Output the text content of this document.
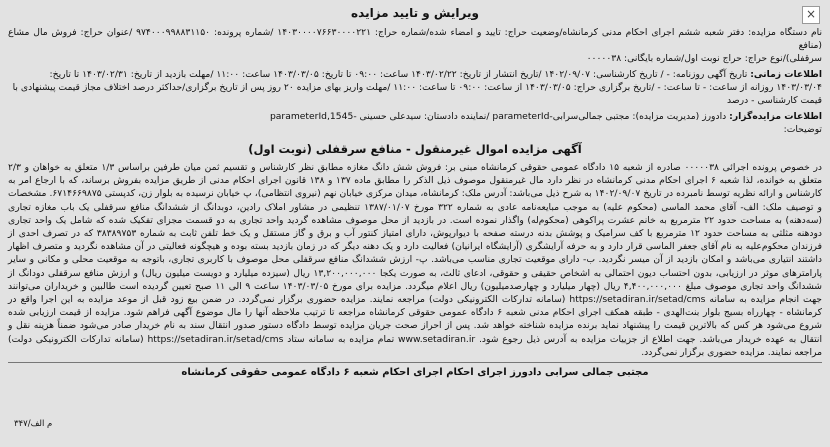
×
ویرایش و تایید مزایده

نام دستگاه مزایده: دفتر شعبه ششم اجرای احکام مدنی کرمانشاه/وضعیت حراج: تایید و امضاء شده/شماره حراج: ۱۴۰۳۰۰۰۰۷۶۶۳۰۰۰۰۲۲۱ /شماره پرونده: ۹۷۴۰۰۰۹۹۸۸۳۱۱۵۰ /عنوان حراج: فروش مال مشاع (منافع

سرقفلی)/نوع حراج: حراج نوبت اول/شماره بایگانی: ۰۰۰۰۰۳۸

اطلاعات زمانی: تاریخ آگهی روزنامه: - / تاریخ کارشناسی: ۱۴۰۲/۰۹/۰۷ /تاریخ انتشار از تاریخ: ۱۴۰۳/۰۲/۲۲ ساعت: ۰۹:۰۰ تا تاریخ: ۱۴۰۳/۰۳/۰۵ ساعت: ۱۱:۰۰ /مهلت بازدید از تاریخ: ۱۴۰۳/۰۲/۳۱ تا تاریخ:

۱۴۰۳/۰۳/۰۴ روزانه از ساعت: - تا ساعت: - /تاریخ برگزاری حراج: ۱۴۰۳/۰۳/۰۵ از ساعت: ۰۹:۰۰ تا ساعت: ۱۱:۰۰ /مهلت واریز بهای مزایده ۲۰ روز پس از تاریخ برگزاری/حداکثر درصد اختلاف مجاز قیمت پیشنهادی با

قیمت کارشناسی - درصد

اطلاعات مزایده‌گزار: دادورز (مدیریت مزایده): مجتبی جمالی‌سرابی-parameterId /نماینده دادستان: سیدعلی حسینی -parameterId,1545

توضیحات:

آگهی مزایده اموال غیرمنقول - منافع سرقفلی (نوبت اول)
در خصوص پرونده اجرائی ۰۰۰۰۰۳۸ صادره از شعبه ۱۵ دادگاه عمومی حقوقی کرمانشاه مبنی بر: فروش شش دانگ مغازه مطابق نظر کارشناس و تقسیم ثمن میان طرفین براساس ۱/۳ متعلق به خواهان و ۲/۳ متعلق به خوانده، لذا شعبه ۶ اجرای احکام مدنی کرمانشاه در نظر دارد مال غیرمنقول موصوف ذیل الذکر را مطابق ماده ۱۳۷ و ۱۳۸ قانون اجرای احکام مدنی از طریق مزایده بفروش برساند، که با ارجاع امر به کارشناس و ارائه نظریه توسط نامبرده در تاریخ ۱۴۰۲/۰۹/۰۷ به شرح ذیل می‌باشد: آدرس ملک: کرمانشاه، میدان مرکزی خیابان نهم (نیروی انتظامی)، پ خیابان نرسیده به بلوار زن، کدپستی ۶۷۱۴۶۶۹۸۷۵. مشخصات و توصیف ملک: الف- آقای محمد الماسی (محکوم علیه) به موجب مبایعه‌نامه عادی به شماره ۳۲۲ مورخ ۱۳۸۷/۰۱/۰۷ تنظیمی در مشاور املاک رادین، دوبدانگ از ششدانگ منافع سرقفلی یک باب مغازه تجاری (سه‌دهنه) به مساحت حدود ۲۲ مترمربع به خانم عشرت پراکوهی (محکوم‌له) واگذار نموده است. در بازدید از محل موصوف مشاهده گردید واحد تجاری به دو قسمت مجزای تفکیک شده که شامل یک واحد تجاری دودهنه مثلثی به مساحت حدود ۱۲ مترمربع با کف سرامیک و پوشش بدنه درسته صفحه با دیوارپوش، دارای امتیاز کنتور آب و برق و گاز مستقل و یک خط تلفن ثابت به شماره ۳۸۳۸۹۷۵۳ که در تصرف احدی از فرزندان محکوم‌علیه به نام آقای جعفر الماسی قرار دارد و به حرفه آرایشگری (آرایشگاه ایرانیان) فعالیت دارد و یک دهنه دیگر که در زمان بازدید بسته بوده و هیچگونه فعالیتی در آن مشاهده نگردید و متصرف اظهار داشتند انتیاری می‌باشد و امکان بازدید از آن میسر نگردید. ب- دارای موقعیت تجاری مناسب می‌باشد. پ- ارزش ششدانگ منافع سرقفلی محل موصوف با کاربری تجاری، باتوجه به موقعیت محلی و مکانی و سایر پارامترهای موثر در ارزیابی، بدون احتساب دیون احتمالی به اشخاص حقیقی و حقوقی، ادعای ثالث، به صورت یکجا ۱۳,۲۰۰,۰۰۰,۰۰۰ ریال (سیزده میلیارد و دویست میلیون ریال) و ارزش منافع سرقفلی دودانگ از ششدانگ واحد تجاری موصوف مبلغ ۴,۴۰۰,۰۰۰,۰۰۰ ریال (چهار میلیارد و چهارصدمیلیون) ریال اعلام میگردد. مزایده برای مورخ ۱۴۰۳/۰۳/۰۵ ساعت ۹ الی ۱۱ صبح تعیین گردیده است طالبین و خریداران می‌توانند جهت انجام مزایده به سامانه https://setadiran.ir/setad/cms (سامانه تدارکات الکترونیکی دولت) مراجعه نمایند. مزایده حضوری برگزار نمی‌گردد. در ضمن بیع زود قبل از موعد مزایده به این اجرا واقع در کرمانشاه - چهارراه بسیج بلوار بنت‌الهدی - طبقه همکف اجرای احکام مدنی شعبه ۶ دادگاه عمومی حقوقی کرمانشاه مراجعه تا ترتیب ملاحظه آنها را مال موضوع آگهی فراهم شود. مزایده از قیمت ارزیابی شده شروع می‌شود هر کس که بالاترین قیمت را پیشنهاد نماید برنده مزایده شناخته خواهد شد. پس از احراز صحت جریان مزایده توسط دادگاه دستور صدور انتقال سند به نام خریدار صادر می‌شود ضمناً هزینه نقل و انتقال به عهده خریدار می‌باشد. جهت اطلاع از جزییات مزایده به آدرس ذیل رجوع شود. www.setadiran.ir تمام مزایده به سامانه ستاد https://setadiran.ir/setad/cms (سامانه تدارکات الکترونیکی دولت) مراجعه نمایند. مزایده حضوری برگزار نمی‌گردد.
مجتبی جمالی سرابی دادورز اجرای احکام اجرای احکام شعبه ۶ دادگاه عمومی حقوقی کرمانشاه
م الف/۳۴۷
